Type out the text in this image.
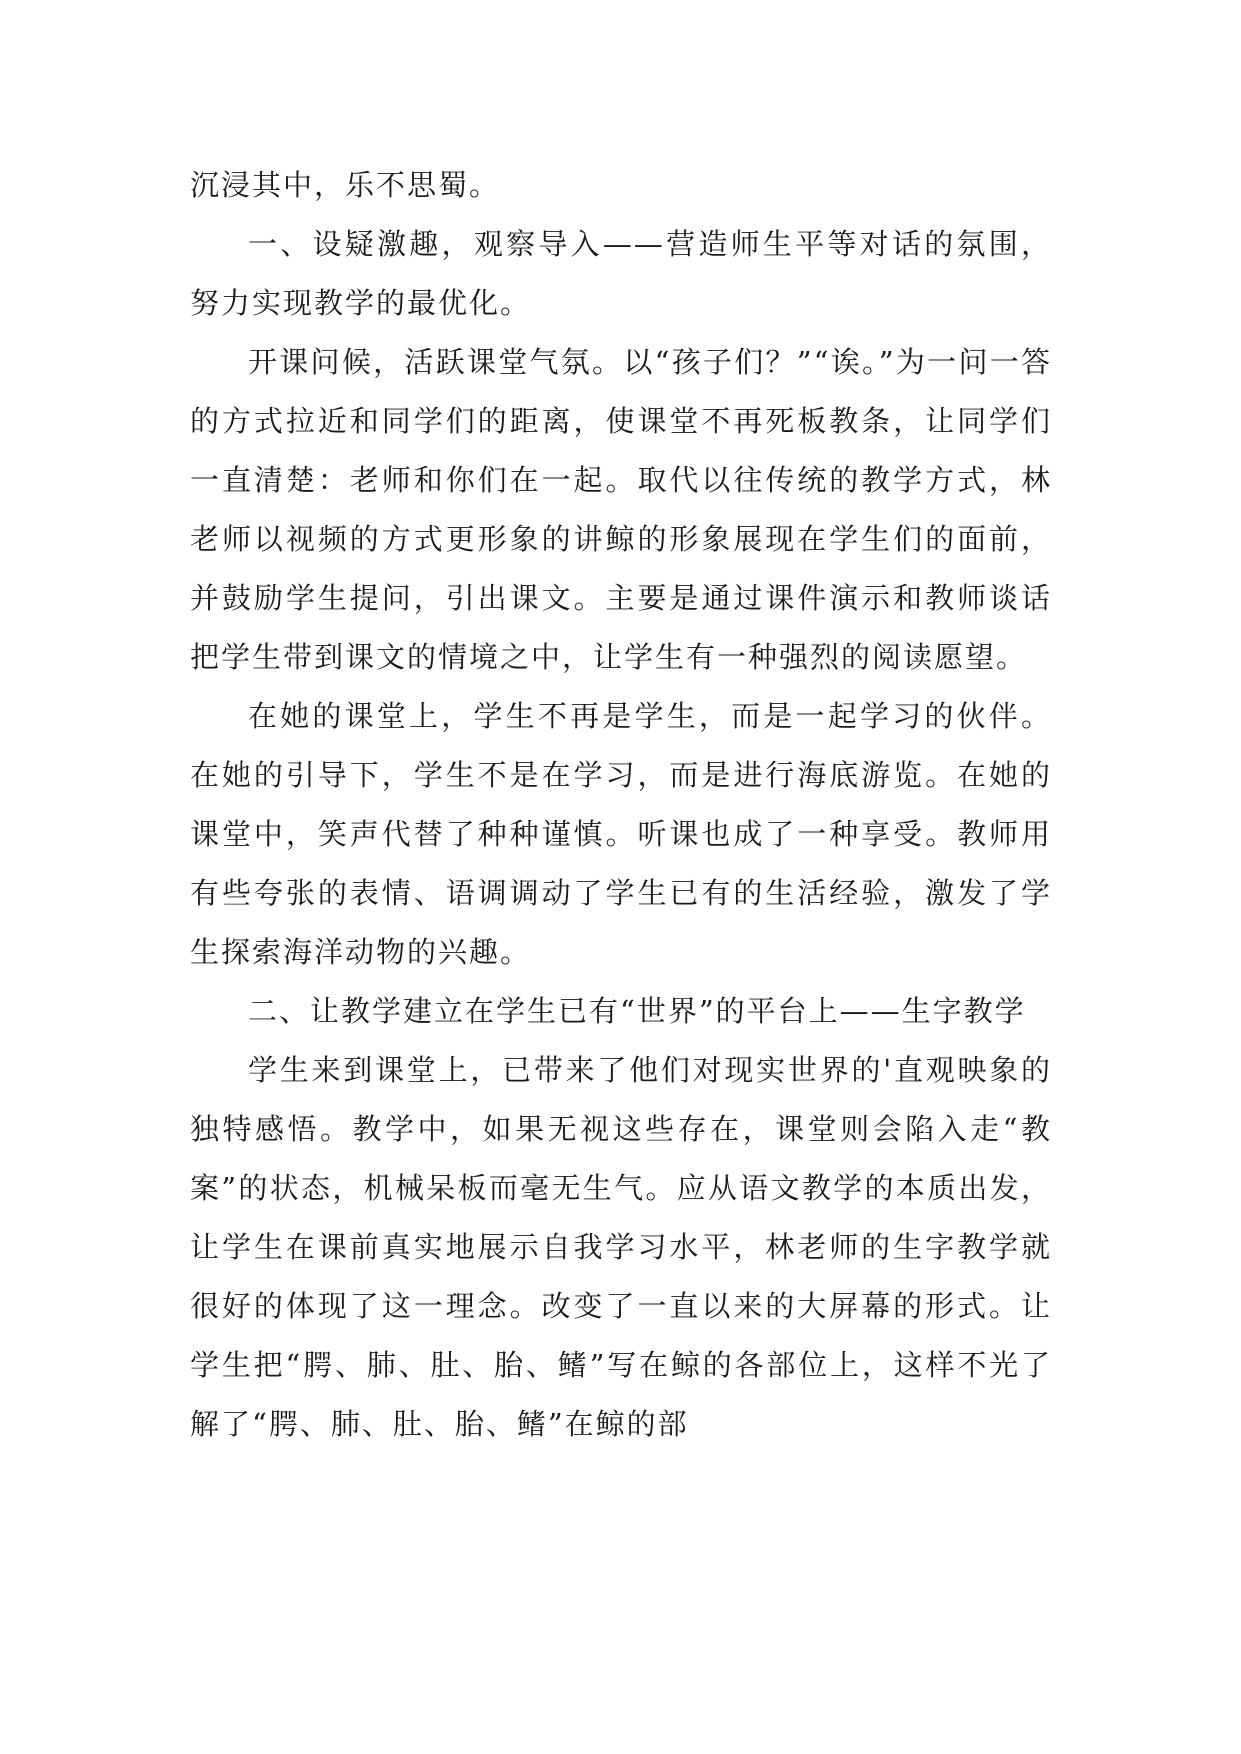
沉浸其中，乐不思蜀。

一、设疑激趣，观察导入——营造师生平等对话的氛围，努力实现教学的最优化。

开课问候，活跃课堂气氛。以“孩子们？”“诶。”为一问一答的方式拉近和同学们的距离，使课堂不再死板教条，让同学们一直清楚：老师和你们在一起。取代以往传统的教学方式，林老师以视频的方式更形象的讲鲸的形象展现在学生们的面前，并鼓励学生提问，引出课文。主要是通过课件演示和教师谈话把学生带到课文的情境之中，让学生有一种强烈的阅读愿望。

在她的课堂上，学生不再是学生，而是一起学习的伙伴。在她的引导下，学生不是在学习，而是进行海底游览。在她的课堂中，笑声代替了种种谨慎。听课也成了一种享受。教师用有些夸张的表情、语调调动了学生已有的生活经验，激发了学生探索海洋动物的兴趣。

二、让教学建立在学生已有“世界”的平台上——生字教学

学生来到课堂上，已带来了他们对现实世界的'直观映象的独特感悟。教学中，如果无视这些存在，课堂则会陷入走“教案”的状态，机械呆板而毫无生气。应从语文教学的本质出发，让学生在课前真实地展示自我学习水平，林老师的生字教学就很好的体现了这一理念。改变了一直以来的大屏幕的形式。让学生把“腭、肺、肚、胎、鳍”写在鲸的各部位上，这样不光了解了“腭、肺、肚、胎、鳍”在鲸的部
